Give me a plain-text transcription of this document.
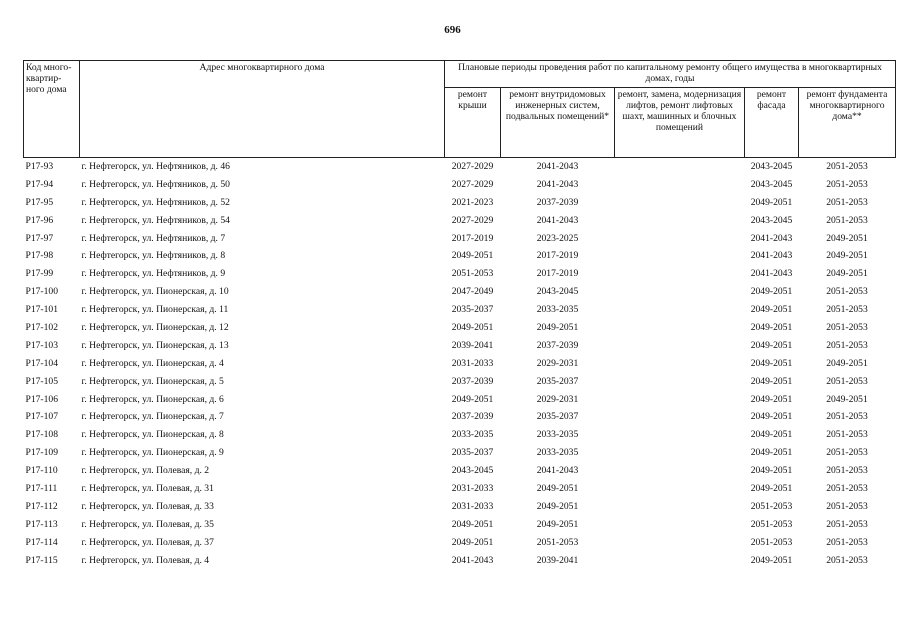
696
Код много-квартир-ного дома	Адрес многоквартирного дома	Плановые периоды проведения работ по капитальному ремонту общего имущества в многоквартирных домах, годы				
		ремонт крыши	ремонт внутридомовых инженерных систем, подвальных помещений*	ремонт, замена, модернизация лифтов, ремонт лифтовых шахт, машинных и блочных помещений	ремонт фасада	ремонт фундамента многоквартирного дома**
Р17-93	г. Нефтегорск, ул. Нефтяников, д. 46	2027-2029	2041-2043		2043-2045	2051-2053
Р17-94	г. Нефтегорск, ул. Нефтяников, д. 50	2027-2029	2041-2043		2043-2045	2051-2053
Р17-95	г. Нефтегорск, ул. Нефтяников, д. 52	2021-2023	2037-2039		2049-2051	2051-2053
Р17-96	г. Нефтегорск, ул. Нефтяников, д. 54	2027-2029	2041-2043		2043-2045	2051-2053
Р17-97	г. Нефтегорск, ул. Нефтяников, д. 7	2017-2019	2023-2025		2041-2043	2049-2051
Р17-98	г. Нефтегорск, ул. Нефтяников, д. 8	2049-2051	2017-2019		2041-2043	2049-2051
Р17-99	г. Нефтегорск, ул. Нефтяников, д. 9	2051-2053	2017-2019		2041-2043	2049-2051
Р17-100	г. Нефтегорск, ул. Пионерская, д. 10	2047-2049	2043-2045		2049-2051	2051-2053
Р17-101	г. Нефтегорск, ул. Пионерская, д. 11	2035-2037	2033-2035		2049-2051	2051-2053
Р17-102	г. Нефтегорск, ул. Пионерская, д. 12	2049-2051	2049-2051		2049-2051	2051-2053
Р17-103	г. Нефтегорск, ул. Пионерская, д. 13	2039-2041	2037-2039		2049-2051	2051-2053
Р17-104	г. Нефтегорск, ул. Пионерская, д. 4	2031-2033	2029-2031		2049-2051	2049-2051
Р17-105	г. Нефтегорск, ул. Пионерская, д. 5	2037-2039	2035-2037		2049-2051	2051-2053
Р17-106	г. Нефтегорск, ул. Пионерская, д. 6	2049-2051	2029-2031		2049-2051	2049-2051
Р17-107	г. Нефтегорск, ул. Пионерская, д. 7	2037-2039	2035-2037		2049-2051	2051-2053
Р17-108	г. Нефтегорск, ул. Пионерская, д. 8	2033-2035	2033-2035		2049-2051	2051-2053
Р17-109	г. Нефтегорск, ул. Пионерская, д. 9	2035-2037	2033-2035		2049-2051	2051-2053
Р17-110	г. Нефтегорск, ул. Полевая, д. 2	2043-2045	2041-2043		2049-2051	2051-2053
Р17-111	г. Нефтегорск, ул. Полевая, д. 31	2031-2033	2049-2051		2049-2051	2051-2053
Р17-112	г. Нефтегорск, ул. Полевая, д. 33	2031-2033	2049-2051		2051-2053	2051-2053
Р17-113	г. Нефтегорск, ул. Полевая, д. 35	2049-2051	2049-2051		2051-2053	2051-2053
Р17-114	г. Нефтегорск, ул. Полевая, д. 37	2049-2051	2051-2053		2051-2053	2051-2053
Р17-115	г. Нефтегорск, ул. Полевая, д. 4	2041-2043	2039-2041		2049-2051	2051-2053
